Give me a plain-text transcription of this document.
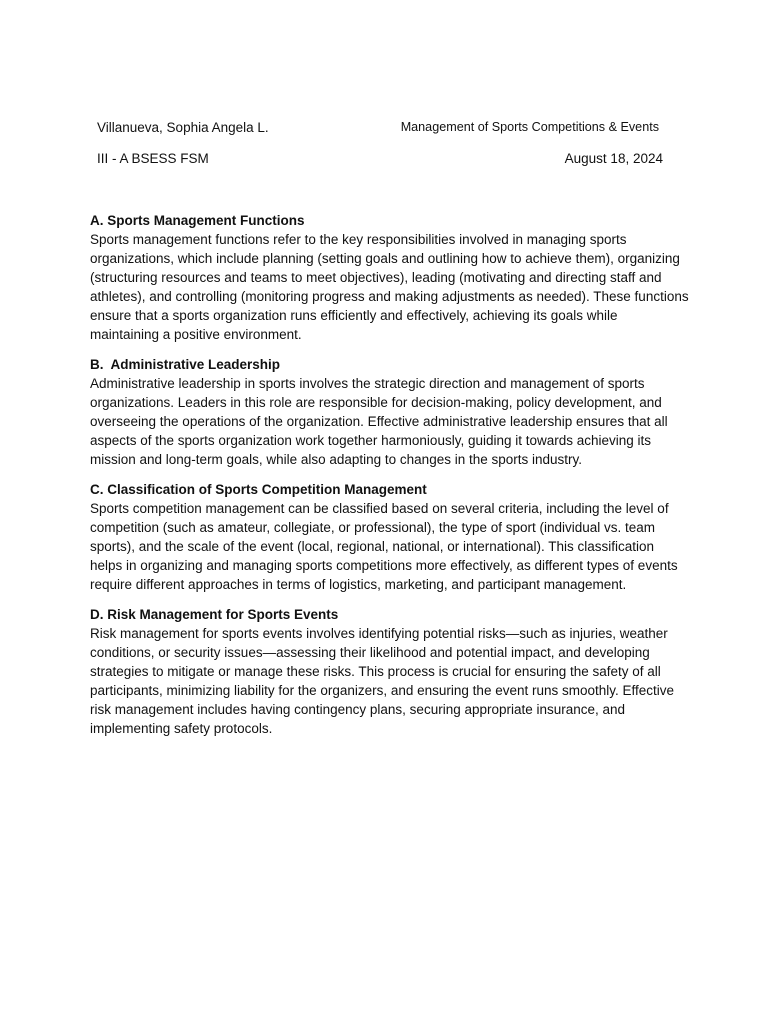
Villanueva, Sophia Angela L.	Management of Sports Competitions & Events
III - A BSESS FSM	August 18, 2024

A. Sports Management Functions

Sports management functions refer to the key responsibilities involved in managing sports organizations, which include planning (setting goals and outlining how to achieve them), organizing (structuring resources and teams to meet objectives), leading (motivating and directing staff and athletes), and controlling (monitoring progress and making adjustments as needed). These functions ensure that a sports organization runs efficiently and effectively, achieving its goals while maintaining a positive environment.

B.  Administrative Leadership

Administrative leadership in sports involves the strategic direction and management of sports organizations. Leaders in this role are responsible for decision-making, policy development, and overseeing the operations of the organization. Effective administrative leadership ensures that all aspects of the sports organization work together harmoniously, guiding it towards achieving its mission and long-term goals, while also adapting to changes in the sports industry.

C. Classification of Sports Competition Management

Sports competition management can be classified based on several criteria, including the level of competition (such as amateur, collegiate, or professional), the type of sport (individual vs. team sports), and the scale of the event (local, regional, national, or international). This classification helps in organizing and managing sports competitions more effectively, as different types of events require different approaches in terms of logistics, marketing, and participant management.

D. Risk Management for Sports Events

Risk management for sports events involves identifying potential risks—such as injuries, weather conditions, or security issues—assessing their likelihood and potential impact, and developing strategies to mitigate or manage these risks. This process is crucial for ensuring the safety of all participants, minimizing liability for the organizers, and ensuring the event runs smoothly. Effective risk management includes having contingency plans, securing appropriate insurance, and implementing safety protocols.
